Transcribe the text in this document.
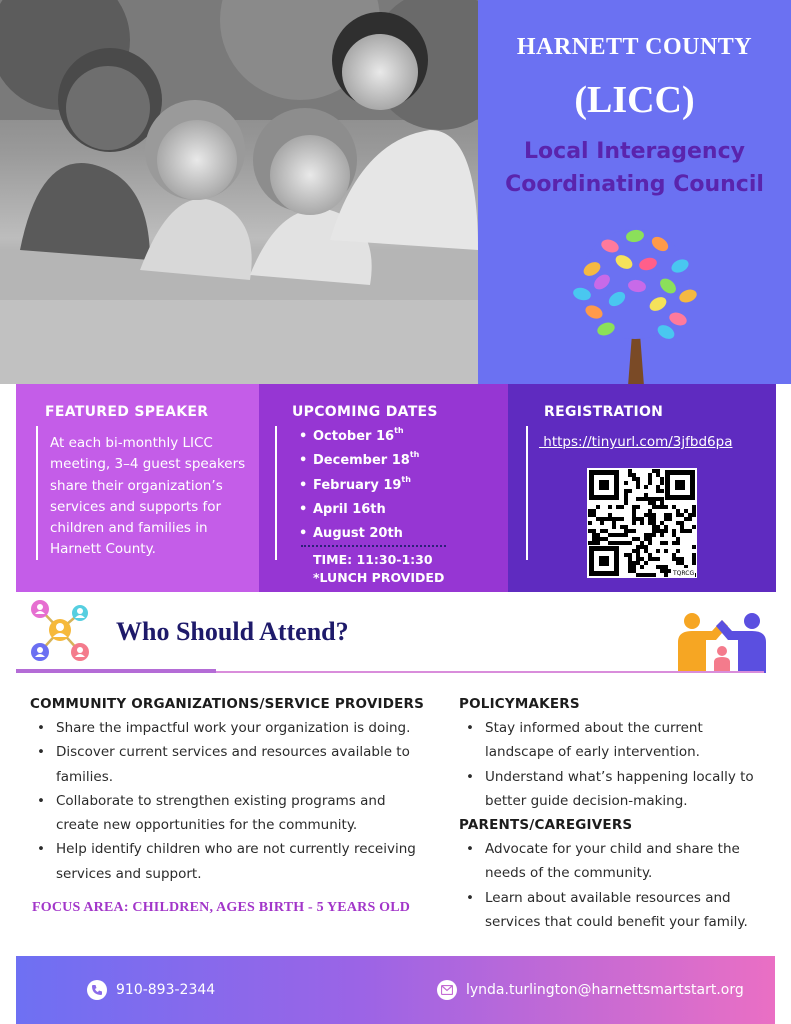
HARNETT COUNTY
(LICC)
Local Interagency
Coordinating Council
FEATURED SPEAKER
At each bi-monthly LICC meeting, 3–4 guest speakers share their organization’s services and supports for children and families in Harnett County.
UPCOMING DATES
• October 16th
• December 18th
• February 19th
• April 16th
• August 20th
TIME: 11:30-1:30
*LUNCH PROVIDED
REGISTRATION
https://tinyurl.com/3jfbd6pa
TQRCG
Who Should Attend?
COMMUNITY ORGANIZATIONS/SERVICE PROVIDERS
• Share the impactful work your organization is doing.
• Discover current services and resources available to families.
• Collaborate to strengthen existing programs and create new opportunities for the community.
• Help identify children who are not currently receiving services and support.
FOCUS AREA: CHILDREN, AGES BIRTH - 5 YEARS OLD
POLICYMAKERS
• Stay informed about the current landscape of early intervention.
• Understand what’s happening locally to better guide decision-making.
PARENTS/CAREGIVERS
• Advocate for your child and share the needs of the community.
• Learn about available resources and services that could benefit your family.
910-893-2344	lynda.turlington@harnettsmartstart.org
